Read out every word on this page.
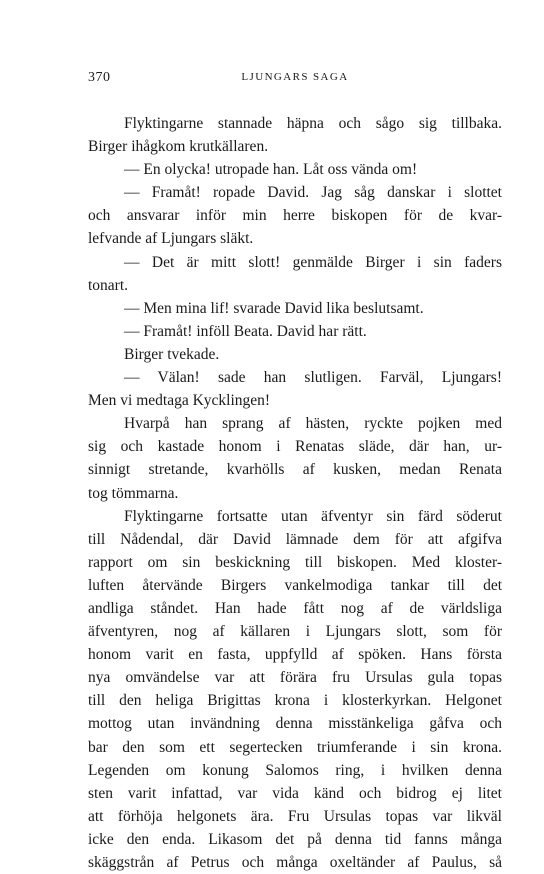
370	LJUNGARS SAGA
Flyktingarne stannade häpna och sågo sig tillbaka.
Birger ihågkom krutkällaren.
— En olycka! utropade han. Låt oss vända om!
— Framåt! ropade David. Jag såg danskar i slottet
och ansvarar inför min herre biskopen för de kvar-
lefvande af Ljungars släkt.
— Det är mitt slott! genmälde Birger i sin faders
tonart.
— Men mina lif! svarade David lika beslutsamt.
— Framåt! inföll Beata. David har rätt.
Birger tvekade.
— Välan! sade han slutligen. Farväl, Ljungars!
Men vi medtaga Kycklingen!
Hvarpå han sprang af hästen, ryckte pojken med
sig och kastade honom i Renatas släde, där han, ur-
sinnigt stretande, kvarhölls af kusken, medan Renata
tog tömmarna.
Flyktingarne fortsatte utan äfventyr sin färd söderut
till Nådendal, där David lämnade dem för att afgifva
rapport om sin beskickning till biskopen. Med kloster-
luften återvände Birgers vankelmodiga tankar till det
andliga ståndet. Han hade fått nog af de världsliga
äfventyren, nog af källaren i Ljungars slott, som för
honom varit en fasta, uppfylld af spöken. Hans första
nya omvändelse var att förära fru Ursulas gula topas
till den heliga Brigittas krona i klosterkyrkan. Helgonet
mottog utan invändning denna misstänkeliga gåfva och
bar den som ett segertecken triumferande i sin krona.
Legenden om konung Salomos ring, i hvilken denna
sten varit infattad, var vida känd och bidrog ej litet
att förhöja helgonets ära. Fru Ursulas topas var likväl
icke den enda. Likasom det på denna tid fanns många
skäggstrån af Petrus och många oxeltänder af Paulus, så
